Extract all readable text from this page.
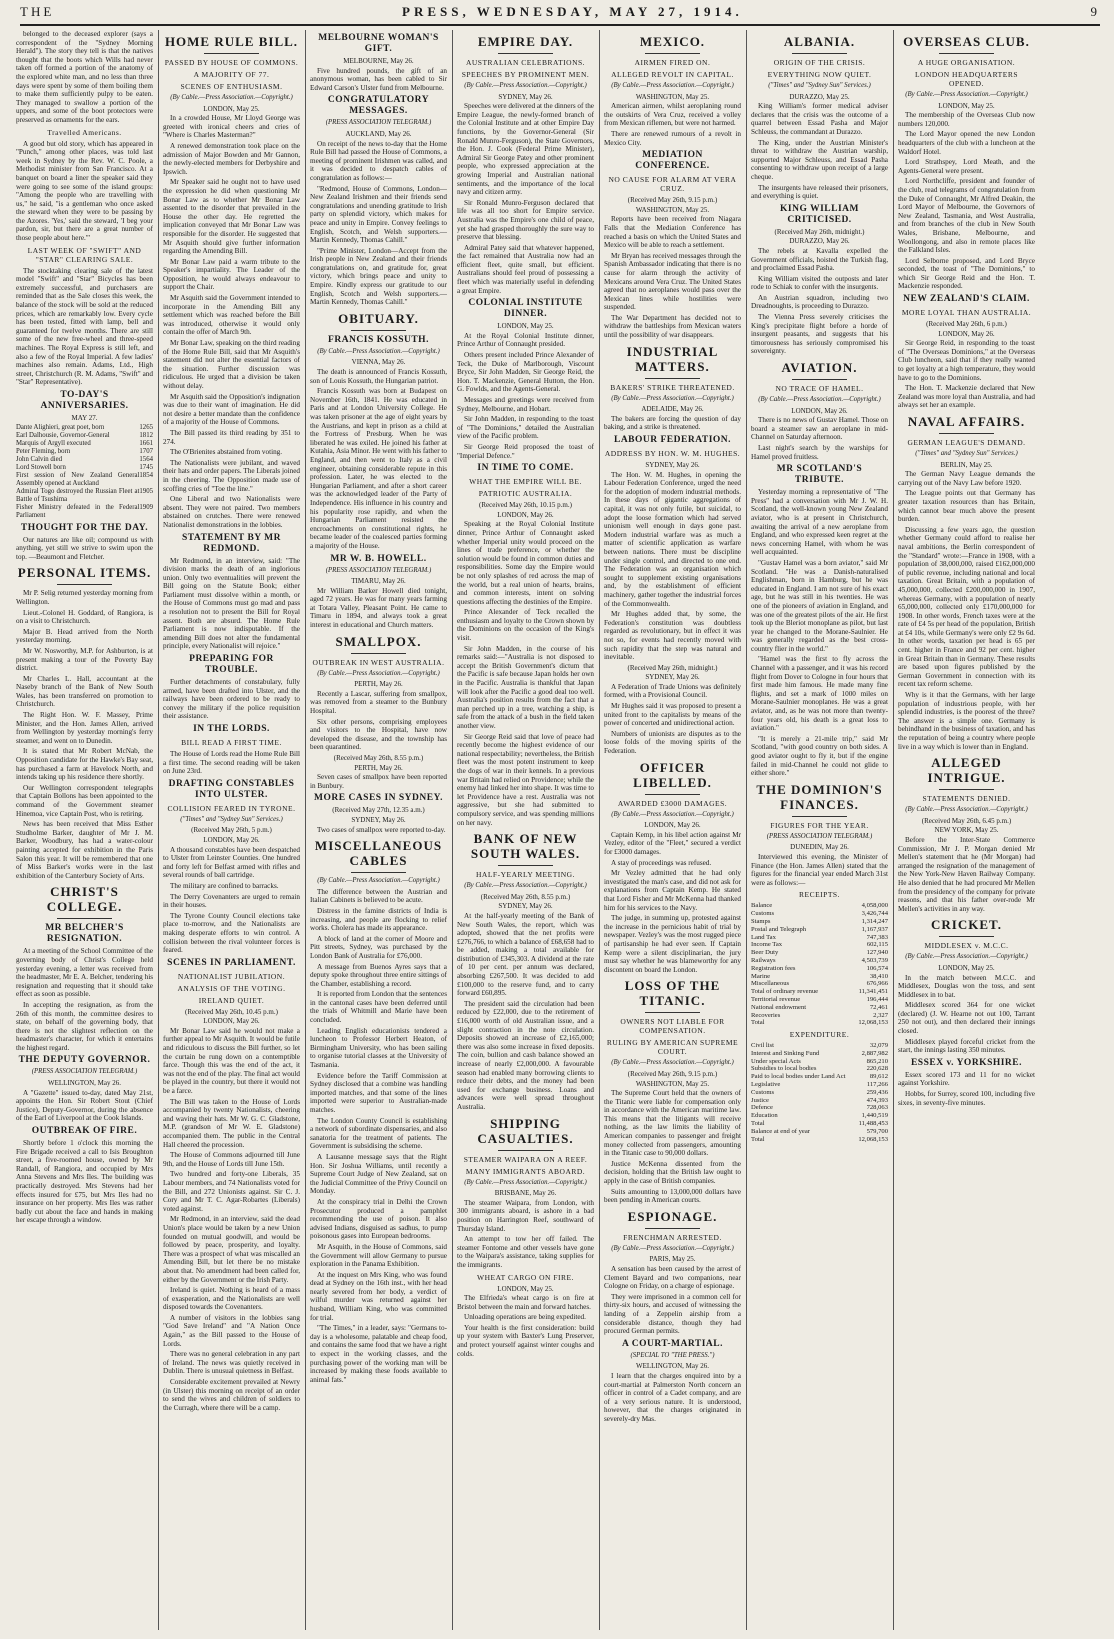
THE	PRESS, WEDNESDAY, MAY 27, 1914.	9
belonged to the deceased explorer (says a correspondent of the "Sydney Morning Herald"). The story they tell is that the natives thought that the boots which Wills had never taken off formed a portion of the anatomy of the explored white man, and no less than three days were spent by some of them boiling them to make them sufficiently pulpy to be eaten. They managed to swallow a portion of the uppers, and some of the boot protectors were preserved as ornaments for the ears.
Travelled Americans.
A good but old story, which has appeared in "Punch," among other places, was told last week in Sydney by the Rev. W. C. Poole, a Methodist minister from San Francisco. At a banquet on board a liner the speaker said they were going to see some of the island groups: "Among the people who are travelling with us," he said, "is a gentleman who once asked the steward when they were to be passing by the Azores. 'Yes,' said the steward, 'I beg your pardon, sir, but there are a great number of those people about here.'"
LAST WEEK OF "SWIFT" AND "STAR" CLEARING SALE.
The stocktaking clearing sale of the latest model "Swift" and "Star" Bicycles has been extremely successful, and purchasers are reminded that as the Sale closes this week, the balance of the stock will be sold at the reduced prices, which are remarkably low. Every cycle has been tested, fitted with lamp, bell and guaranteed for twelve months. There are still some of the new free-wheel and three-speed machines. The Royal Express is still left, and also a few of the Royal Imperial. A few ladies' machines also remain. Adams, Ltd., High street, Christchurch (R. M. Adams, "Swift" and "Star" Representative).
TO-DAY'S ANNIVERSARIES.
MAY 27.
Dante Alighieri, great poet, born	1265
Earl Dalhousie, Governor-General	1812
Marquis of Argyll executed	1661
Peter Fleming, born	1707
John Calvin died	1564
Lord Stowell born	1745
First session of New Zealand General Assembly opened at Auckland
1854
Admiral Togo destroyed the Russian Fleet at Battle of Tsushima
1905
Fisher Ministry defeated in the Federal Parliament
1909
THOUGHT FOR THE DAY.
Our natures are like oil; compound us with anything, yet still we strive to swim upon the top. —Beaumont and Fletcher.
PERSONAL ITEMS.
Mr P. Selig returned yesterday morning from Wellington.
Lieut.-Colonel H. Goddard, of Rangiora, is on a visit to Christchurch.
Major B. Head arrived from the North yesterday morning.
Mr W. Nosworthy, M.P. for Ashburton, is at present making a tour of the Poverty Bay district.
Mr Charles L. Hall, accountant at the Naseby branch of the Bank of New South Wales, has been transferred on promotion to Christchurch.
The Right Hon. W. F. Massey, Prime Minister, and the Hon. James Allen, arrived from Wellington by yesterday morning's ferry steamer, and went on to Dunedin.
It is stated that Mr Robert McNab, the Opposition candidate for the Hawke's Bay seat, has purchased a farm at Havelock North, and intends taking up his residence there shortly.
Our Wellington correspondent telegraphs that Captain Bollons has been appointed to the command of the Government steamer Hinemoa, vice Captain Post, who is retiring.
News has been received that Miss Esther Studholme Barker, daughter of Mr J. M. Barker, Woodbury, has had a water-colour painting accepted for exhibition in the Paris Salon this year. It will be remembered that one of Miss Barker's works were in the last exhibition of the Canterbury Society of Arts.
CHRIST'S COLLEGE.
MR BELCHER'S RESIGNATION.
At a meeting of the School Committee of the governing body of Christ's College held yesterday evening, a letter was received from the headmaster, Mr E. A. Belcher, tendering his resignation and requesting that it should take effect as soon as possible.
In accepting the resignation, as from the 26th of this month, the committee desires to state, on behalf of the governing body, that there is not the slightest reflection on the headmaster's character, for which it entertains the highest regard.
THE DEPUTY GOVERNOR.
(PRESS ASSOCIATION TELEGRAM.)
WELLINGTON, May 26.
A "Gazette" issued to-day, dated May 21st, appoints the Hon. Sir Robert Stout (Chief Justice), Deputy-Governor, during the absence of the Earl of Liverpool at the Cook Islands.
OUTBREAK OF FIRE.
Shortly before 1 o'clock this morning the Fire Brigade received a call to Isis Broughton street, a five-roomed house, owned by Mr Randall, of Rangiora, and occupied by Mrs Anna Stevens and Mrs Iles. The building was practically destroyed. Mrs Stevens had her effects insured for £75, but Mrs Iles had no insurance on her property. Mrs Iles was rather badly cut about the face and hands in making her escape through a window.
HOME RULE BILL.
PASSED BY HOUSE OF COMMONS.
A MAJORITY OF 77.
SCENES OF ENTHUSIASM.
(By Cable.—Press Association.—Copyright.)
LONDON, May 25.
In a crowded House, Mr Lloyd George was greeted with ironical cheers and cries of "Where is Charles Masterman?"
A renewed demonstration took place on the admission of Major Bowden and Mr Gannon, the newly-elected members for Derbyshire and Ipswich.
Mr Speaker said he ought not to have used the expression he did when questioning Mr Bonar Law as to whether Mr Bonar Law assented to the disorder that prevailed in the House the other day. He regretted the implication conveyed that Mr Bonar Law was responsible for the disorder. He suggested that Mr Asquith should give further information regarding the Amending Bill.
Mr Bonar Law paid a warm tribute to the Speaker's impartiality. The Leader of the Opposition, he would always endeavour to support the Chair.
Mr Asquith said the Government intended to incorporate in the Amending Bill any settlement which was reached before the Bill was introduced, otherwise it would only contain the offer of March 9th.
Mr Bonar Law, speaking on the third reading of the Home Rule Bill, said that Mr Asquith's statement did not alter the essential factors of the situation. Further discussion was ridiculous. He urged that a division be taken without delay.
Mr Asquith said the Opposition's indignation was due to their want of imagination. He did not desire a better mandate than the confidence of a majority of the House of Commons.
The Bill passed its third reading by 351 to 274.
The O'Brienites abstained from voting.
The Nationalists were jubilant, and waved their hats and order papers. The Liberals joined in the cheering. The Opposition made use of scoffing cries of "Toe the line."
One Liberal and two Nationalists were absent. They were not paired. Two members abstained on crutches. There were renewed Nationalist demonstrations in the lobbies.
STATEMENT BY MR REDMOND.
Mr Redmond, in an interview, said: "The division marks the death of an inglorious union. Only two eventualities will prevent the Bill going on the Statute Book; either Parliament must dissolve within a month, or the House of Commons must go mad and pass a resolution not to present the Bill for Royal assent. Both are absurd. The Home Rule Parliament is now indisputable. If the amending Bill does not alter the fundamental principle, every Nationalist will rejoice."
PREPARING FOR TROUBLE.
Further detachments of constabulary, fully armed, have been drafted into Ulster, and the railways have been ordered to be ready to convey the military if the police requisition their assistance.
IN THE LORDS.
BILL READ A FIRST TIME.
The House of Lords read the Home Rule Bill a first time. The second reading will be taken on June 23rd.
DRAFTING CONSTABLES INTO ULSTER.
COLLISION FEARED IN TYRONE.
("Times" and "Sydney Sun" Services.)
(Received May 26th, 5 p.m.)
LONDON, May 26.
A thousand constables have been despatched to Ulster from Leinster Counties. One hundred and forty left for Belfast armed with rifles and several rounds of ball cartridge.
The military are confined to barracks.
The Derry Covenanters are urged to remain in their houses.
The Tyrone County Council elections take place to-morrow, and the Nationalists are making desperate efforts to win control. A collision between the rival volunteer forces is feared.
SCENES IN PARLIAMENT.
NATIONALIST JUBILATION.
ANALYSIS OF THE VOTING.
IRELAND QUIET.
(Received May 26th, 10.45 p.m.)
LONDON, May 26.
Mr Bonar Law said he would not make a further appeal to Mr Asquith. It would be futile and ridiculous to discuss the Bill further, so let the curtain be rung down on a contemptible farce. Though this was the end of the act, it was not the end of the play. The final act would be played in the country, but there it would not be a farce.
The Bill was taken to the House of Lords accompanied by twenty Nationalists, cheering and waving their hats. Mr W. G. C. Gladstone, M.P. (grandson of Mr W. E. Gladstone) accompanied them. The public in the Central Hall cheered the procession.
The House of Commons adjourned till June 9th, and the House of Lords till June 15th.
Two hundred and forty-one Liberals, 35 Labour members, and 74 Nationalists voted for the Bill, and 272 Unionists against. Sir C. J. Cory and Mr T. C. Agar-Robartes (Liberals) voted against.
Mr Redmond, in an interview, said the dead Union's place would be taken by a new Union founded on mutual goodwill, and would be followed by peace, prosperity, and loyalty. There was a prospect of what was miscalled an Amending Bill, but let there be no mistake about that. No amendment had been called for, either by the Government or the Irish Party.
Ireland is quiet. Nothing is heard of a mass of exasperation, and the Nationalists are well disposed towards the Covenanters.
A number of visitors in the lobbies sang "God Save Ireland" and "A Nation Once Again," as the Bill passed to the House of Lords.
There was no general celebration in any part of Ireland. The news was quietly received in Dublin. There is unusual quietness in Belfast.
Considerable excitement prevailed at Newry (in Ulster) this morning on receipt of an order to send the wives and children of soldiers to the Curragh, where there will be a camp.
MELBOURNE WOMAN'S GIFT.
MELBOURNE, May 26.
Five hundred pounds, the gift of an anonymous woman, has been cabled to Sir Edward Carson's Ulster fund from Melbourne.
CONGRATULATORY MESSAGES.
(PRESS ASSOCIATION TELEGRAM.)
AUCKLAND, May 26.
On receipt of the news to-day that the Home Rule Bill had passed the House of Commons, a meeting of prominent Irishmen was called, and it was decided to despatch cables of congratulation as follows:—
"Redmond, House of Commons, London—New Zealand Irishmen and their friends send congratulations and unending gratitude to Irish party on splendid victory, which makes for peace and unity in Empire. Convey feelings to English, Scotch, and Welsh supporters.—Martin Kennedy, Thomas Cahill."
"Prime Minister, London—Accept from the Irish people in New Zealand and their friends congratulations on, and gratitude for, great victory, which brings peace and unity to Empire. Kindly express our gratitude to our English, Scotch and Welsh supporters.—Martin Kennedy, Thomas Cahill."
OBITUARY.
FRANCIS KOSSUTH.
(By Cable.—Press Association.—Copyright.)
VIENNA, May 26.
The death is announced of Francis Kossuth, son of Louis Kossuth, the Hungarian patriot.
Francis Kossuth was born at Budapest on November 16th, 1841. He was educated in Paris and at London University College. He was taken prisoner at the age of eight years by the Austrians, and kept in prison as a child at the Fortress of Presburg. When he was liberated he was exiled. He joined his father at Kutahia, Asia Minor. He went with his father to England, and then went to Italy as a civil engineer, obtaining considerable repute in this profession. Later, he was elected to the Hungarian Parliament, and after a short career was the acknowledged leader of the Party of Independence. His influence in his country and his popularity rose rapidly, and when the Hungarian Parliament resisted the encroachments on constitutional rights, he became leader of the coalesced parties forming a majority of the House.
MR W. B. HOWELL.
(PRESS ASSOCIATION TELEGRAM.)
TIMARU, May 26.
Mr William Barker Howell died tonight, aged 72 years. He was for many years farming at Totara Valley, Pleasant Point. He came to Timaru in 1894, and always took a great interest in educational and Church matters.
SMALLPOX.
OUTBREAK IN WEST AUSTRALIA.
(By Cable.—Press Association.—Copyright.)
PERTH, May 26.
Recently a Lascar, suffering from smallpox, was removed from a steamer to the Bunbury Hospital.
Six other persons, comprising employees and visitors to the Hospital, have now developed the disease, and the township has been quarantined.
(Received May 26th, 8.55 p.m.)
PERTH, May 26.
Seven cases of smallpox have been reported in Bunbury.
MORE CASES IN SYDNEY.
(Received May 27th, 12.35 a.m.)
SYDNEY, May 26.
Two cases of smallpox were reported to-day.
MISCELLANEOUS CABLES
(By Cable.—Press Association.—Copyright.)
The difference between the Austrian and Italian Cabinets is believed to be acute.
Distress in the famine districts of India is increasing, and people are flocking to relief works. Cholera has made its appearance.
A block of land at the corner of Moore and Pitt streets, Sydney, was purchased by the London Bank of Australia for £76,000.
A message from Buenos Ayres says that a deputy spoke throughout three entire sittings of the Chamber, establishing a record.
It is reported from London that the sentences in the cantonal cases have been deferred until the trials of Whitmill and Marie have been concluded.
Leading English educationists tendered a luncheon to Professor Herbert Heaton, of Birmingham University, who has been sailing to organise tutorial classes at the University of Tasmania.
Evidence before the Tariff Commission at Sydney disclosed that a combine was handling imported matches, and that some of the lines imported were superior to Australian-made matches.
The London County Council is establishing a network of subordinate dispensaries, and also sanatoria for the treatment of patients. The Government is subsidising the scheme.
A Lausanne message says that the Right Hon. Sir Joshua Williams, until recently a Supreme Court Judge of New Zealand, sat on the Judicial Committee of the Privy Council on Monday.
At the conspiracy trial in Delhi the Crown Prosecutor produced a pamphlet recommending the use of poison. It also advised Indians, disguised as sadhus, to pump poisonous gases into European bedrooms.
Mr Asquith, in the House of Commons, said the Government will allow Germany to pursue exploration in the Panama Exhibition.
At the inquest on Mrs King, who was found dead at Sydney on the 16th inst., with her head nearly severed from her body, a verdict of wilful murder was returned against her husband, William King, who was committed for trial.
"The Times," in a leader, says: "Germans to-day is a wholesome, palatable and cheap food, and contains the same food that we have a right to expect in the working classes, and the purchasing power of the working man will be increased by making these foods available to animal fats."
EMPIRE DAY.
AUSTRALIAN CELEBRATIONS.
SPEECHES BY PROMINENT MEN.
(By Cable.—Press Association.—Copyright.)
SYDNEY, May 26.
Speeches were delivered at the dinners of the Empire League, the newly-formed branch of the Colonial Institute and at other Empire Day functions, by the Governor-General (Sir Ronald Munro-Ferguson), the State Governors, the Hon. J. Cook (Federal Prime Minister), Admiral Sir George Patey and other prominent people, who expressed appreciation at the growing Imperial and Australian national sentiments, and the importance of the local navy and citizen army.
Sir Ronald Munro-Ferguson declared that life was all too short for Empire service. Australia was the Empire's one child of peace, yet she had grasped thoroughly the sure way to preserve that blessing.
Admiral Patey said that whatever happened, the fact remained that Australia now had an efficient fleet, quite small, but efficient. Australians should feel proud of possessing a fleet which was materially useful in defending a great Empire.
COLONIAL INSTITUTE DINNER.
LONDON, May 25.
At the Royal Colonial Institute dinner, Prince Arthur of Connaught presided.
Others present included Prince Alexander of Teck, the Duke of Marlborough, Viscount Bryce, Sir John Madden, Sir George Reid, the Hon. T. Mackenzie, General Hutton, the Hon. G. Fowlds, and the Agents-General.
Messages and greetings were received from Sydney, Melbourne, and Hobart.
Sir John Madden, in responding to the toast of "The Dominions," detailed the Australian view of the Pacific problem.
Sir George Reid proposed the toast of "Imperial Defence."
IN TIME TO COME.
WHAT THE EMPIRE WILL BE.
PATRIOTIC AUSTRALIA.
(Received May 26th, 10.15 p.m.)
LONDON, May 26.
Speaking at the Royal Colonial Institute dinner, Prince Arthur of Connaught asked whether Imperial unity would proceed on the lines of trade preference, or whether the solution would be found in common duties and responsibilities. Some day the Empire would be not only splashes of red across the map of the world, but a real union of hearts, brains, and common interests, intent on solving questions affecting the destinies of the Empire.
Prince Alexander of Teck recalled the enthusiasm and loyalty to the Crown shown by the Dominions on the occasion of the King's visit.
Sir John Madden, in the course of his remarks said:—"Australia is not disposed to accept the British Government's dictum that the Pacific is safe because Japan holds her own in the Pacific. Australia is thankful that Japan will look after the Pacific a good deal too well. Australia's position results from the fact that a man perched up in a tree, watching a ship, is safe from the attack of a bush in the field taken another view.
Sir George Reid said that love of peace had recently become the highest evidence of our national respectability; nevertheless, the British fleet was the most potent instrument to keep the dogs of war in their kennels. In a previous war Britain had relied on Providence; while the enemy had linked her into shape. It was time to let Providence have a rest. Australia was not aggressive, but she had submitted to compulsory service, and was spending millions on her navy.
BANK OF NEW SOUTH WALES.
HALF-YEARLY MEETING.
(By Cable.—Press Association.—Copyright.)
(Received May 26th, 8.55 p.m.)
SYDNEY, May 26.
At the half-yearly meeting of the Bank of New South Wales, the report, which was adopted, showed that the net profits were £276,766, to which a balance of £68,658 had to be added, making a total available for distribution of £345,303. A dividend at the rate of 10 per cent. per annum was declared, absorbing £267,500. It was decided to add £100,000 to the reserve fund, and to carry forward £60,895.
The president said the circulation had been reduced by £22,000, due to the retirement of £16,000 worth of old Australian issue, and a slight contraction in the note circulation. Deposits showed an increase of £2,165,000; there was also some increase in fixed deposits. The coin, bullion and cash balance showed an increase of nearly £2,000,000. A favourable season had enabled many borrowing clients to reduce their debts, and the money had been used for exchange business. Loans and advances were well spread throughout Australia.
SHIPPING CASUALTIES.
STEAMER WAIPARA ON A REEF.
MANY IMMIGRANTS ABOARD.
(By Cable.—Press Association.—Copyright.)
BRISBANE, May 26.
The steamer Waipara, from London, with 300 immigrants aboard, is ashore in a bad position on Harrington Reef, southward of Thursday Island.
An attempt to tow her off failed. The steamer Fontome and other vessels have gone to the Waipara's assistance, taking supplies for the immigrants.
WHEAT CARGO ON FIRE.
LONDON, May 25.
The Elfrieda's wheat cargo is on fire at Bristol between the main and forward hatches.
Unloading operations are being expedited.
Your health is the first consideration: build up your system with Baxter's Lung Preserver, and protect yourself against winter coughs and colds.
MEXICO.
AIRMEN FIRED ON.
ALLEGED REVOLT IN CAPITAL.
(By Cable.—Press Association.—Copyright.)
WASHINGTON, May 25.
American airmen, whilst aeroplaning round the outskirts of Vera Cruz, received a volley from Mexican riflemen, but were not harmed.
There are renewed rumours of a revolt in Mexico City.
MEDIATION CONFERENCE.
NO CAUSE FOR ALARM AT VERA CRUZ.
(Received May 26th, 9.15 p.m.)
WASHINGTON, May 25.
Reports have been received from Niagara Falls that the Mediation Conference has reached a basis on which the United States and Mexico will be able to reach a settlement.
Mr Bryan has received messages through the Spanish Ambassador indicating that there is no cause for alarm through the activity of Mexicans around Vera Cruz. The United States agreed that no aeroplanes would pass over the Mexican lines while hostilities were suspended.
The War Department has decided not to withdraw the battleships from Mexican waters until the possibility of war disappears.
INDUSTRIAL MATTERS.
BAKERS' STRIKE THREATENED.
(By Cable.—Press Association.—Copyright.)
ADELAIDE, May 26.
The bakers are forcing the question of day baking, and a strike is threatened.
LABOUR FEDERATION.
ADDRESS BY HON. W. M. HUGHES.
SYDNEY, May 26.
The Hon. W. M. Hughes, in opening the Labour Federation Conference, urged the need for the adoption of modern industrial methods. In these days of gigantic aggregations of capital, it was not only futile, but suicidal, to adopt the loose formation which had served unionism well enough in days gone past. Modern industrial warfare was as much a matter of scientific application as warfare between nations. There must be discipline under single control, and directed to one end. The Federation was an organisation which sought to supplement existing organisations and, by the establishment of efficient machinery, gather together the industrial forces of the Commonwealth.
Mr Hughes added that, by some, the Federation's constitution was doubtless regarded as revolutionary, but in effect it was not so, for events had recently moved with such rapidity that the step was natural and inevitable.
(Received May 26th, midnight.)
SYDNEY, May 26.
A Federation of Trade Unions was definitely formed, with a Provisional Council.
Mr Hughes said it was proposed to present a united front to the capitalists by means of the power of concerted and unidirectional action.
Numbers of unionists are disputes as to the loose folds of the moving spirits of the Federation.
OFFICER LIBELLED.
AWARDED £3000 DAMAGES.
(By Cable.—Press Association.—Copyright.)
LONDON, May 26.
Captain Kemp, in his libel action against Mr Vezley, editor of the "Fleet," secured a verdict for £3000 damages.
A stay of proceedings was refused.
Mr Vezley admitted that he had only investigated the man's case, and did not ask for explanations from Captain Kemp. He stated that Lord Fisher and Mr McKenna had thanked him for his services to the Navy.
The judge, in summing up, protested against the increase in the pernicious habit of trial by newspaper. Vezley's was the most rugged piece of partisanship he had ever seen. If Captain Kemp were a silent disciplinarian, the jury must say whether he was blameworthy for any discontent on board the London.
LOSS OF THE TITANIC.
OWNERS NOT LIABLE FOR COMPENSATION.
RULING BY AMERICAN SUPREME COURT.
(By Cable.—Press Association.—Copyright.)
(Received May 26th, 9.15 p.m.)
WASHINGTON, May 25.
The Supreme Court held that the owners of the Titanic were liable for compensation only in accordance with the American maritime law. This means that the litigants will receive nothing, as the law limits the liability of American companies to passenger and freight money collected from passengers, amounting in the Titanic case to 90,000 dollars.
Justice McKenna dissented from the decision, holding that the British law ought to apply in the case of British companies.
Suits amounting to 13,000,000 dollars have been pending in American courts.
ESPIONAGE.
FRENCHMAN ARRESTED.
(By Cable.—Press Association.—Copyright.)
PARIS, May 25.
A sensation has been caused by the arrest of Clement Bayard and two companions, near Cologne on Friday, on a charge of espionage.
They were imprisoned in a common cell for thirty-six hours, and accused of witnessing the landing of a Zeppelin airship from a considerable distance, though they had procured German permits.
A COURT-MARTIAL.
(SPECIAL TO "THE PRESS.")
WELLINGTON, May 26.
I learn that the charges enquired into by a court-martial at Palmerston North concern an officer in control of a Cadet company, and are of a very serious nature. It is understood, however, that the charges originated in severely-dry Mas.
ALBANIA.
ORIGIN OF THE CRISIS.
EVERYTHING NOW QUIET.
("Times" and "Sydney Sun" Services.)
DURAZZO, May 25.
King William's former medical adviser declares that the crisis was the outcome of a quarrel between Essad Pasha and Major Schleuss, the commandant at Durazzo.
The King, under the Austrian Minister's threat to withdraw the Austrian warship, supported Major Schleuss, and Essad Pasha consenting to withdraw upon receipt of a large cheque.
The insurgents have released their prisoners, and everything is quiet.
KING WILLIAM CRITICISED.
(Received May 26th, midnight.)
DURAZZO, May 26.
The rebels at Kavalla expelled the Government officials, hoisted the Turkish flag, and proclaimed Essad Pasha.
King William visited the outposts and later rode to Schiak to confer with the insurgents.
An Austrian squadron, including two Dreadnoughts, is proceeding to Durazzo.
The Vienna Press severely criticises the King's precipitate flight before a horde of insurgent peasants, and suggests that his timorousness has seriously compromised his sovereignty.
AVIATION.
NO TRACE OF HAMEL.
(By Cable.—Press Association.—Copyright.)
LONDON, May 26.
There is no news of Gustav Hamel. Those on board a steamer saw an aeroplane in mid-Channel on Saturday afternoon.
Last night's search by the warships for Hamel proved fruitless.
MR SCOTLAND'S TRIBUTE.
Yesterday morning a representative of "The Press" had a conversation with Mr J. W. H. Scotland, the well-known young New Zealand aviator, who is at present in Christchurch, awaiting the arrival of a new aeroplane from England, and who expressed keen regret at the news concerning Hamel, with whom he was well acquainted.
"Gustav Hamel was a born aviator," said Mr Scotland. "He was a Danish-naturalised Englishman, born in Hamburg, but he was educated in England. I am not sure of his exact age, but he was still in his twenties. He was one of the pioneers of aviation in England, and was one of the greatest pilots of the air. He first took up the Bleriot monoplane as pilot, but last year he changed to the Morane-Saulnier. He was generally regarded as the best cross-country flier in the world."
"Hamel was the first to fly across the Channel with a passenger, and it was his record flight from Dover to Cologne in four hours that first made him famous. He made many fine flights, and set a mark of 1000 miles on Morane-Saulnier monoplanes. He was a great aviator, and, as he was not more than twenty-four years old, his death is a great loss to aviation."
"It is merely a 21-mile trip," said Mr Scotland, "with good country on both sides. A good aviator ought to fly it, but if the engine failed in mid-Channel he could not glide to either shore."
THE DOMINION'S FINANCES.
FIGURES FOR THE YEAR.
(PRESS ASSOCIATION TELEGRAM.)
DUNEDIN, May 26.
Interviewed this evening, the Minister of Finance (the Hon. James Allen) stated that the figures for the financial year ended March 31st were as follows:—
RECEIPTS.
Balance	4,058,000
Customs	3,426,744
Stamps	1,314,247
Postal and Telegraph	1,167,937
Land Tax	747,383
Income Tax	602,115
Beer Duty	127,940
Railways	4,503,739
Registration fees	106,574
Marine	38,410
Miscellaneous	676,966
Total of ordinary revenue	11,341,451
Territorial revenue	196,444
National endowment	72,461
Recoveries	2,327
Total	12,068,153
EXPENDITURE.
Civil list	32,079
Interest and Sinking Fund	2,887,982
Under special Acts	865,210
Subsidies to local bodies	220,628
Paid to local bodies under Land Act	89,612
Legislative	117,266
Customs	259,436
Justice	474,393
Defence	728,063
Education	1,440,519
Total	11,488,453
Balance at end of year	579,700
Total	12,068,153
OVERSEAS CLUB.
A HUGE ORGANISATION.
LONDON HEADQUARTERS OPENED.
(By Cable.—Press Association.—Copyright.)
LONDON, May 25.
The membership of the Overseas Club now numbers 120,000.
The Lord Mayor opened the new London headquarters of the club with a luncheon at the Waldorf Hotel.
Lord Strathspey, Lord Meath, and the Agents-General were present.
Lord Northcliffe, president and founder of the club, read telegrams of congratulation from the Duke of Connaught, Mr Alfred Deakin, the Lord Mayor of Melbourne, the Governors of New Zealand, Tasmania, and West Australia, and from branches of the club in New South Wales, Brisbane, Melbourne, and Woollongong, and also in remote places like the Falkland Isles.
Lord Selborne proposed, and Lord Bryce seconded, the toast of "The Dominions," to which Sir George Reid and the Hon. T. Mackenzie responded.
NEW ZEALAND'S CLAIM.
MORE LOYAL THAN AUSTRALIA.
(Received May 26th, 6 p.m.)
LONDON, May 26.
Sir George Reid, in responding to the toast of "The Overseas Dominions," at the Overseas Club luncheon, said that if they really wanted to get loyalty at a high temperature, they would have to go to the Dominions.
The Hon. T. Mackenzie declared that New Zealand was more loyal than Australia, and had always set her an example.
NAVAL AFFAIRS.
GERMAN LEAGUE'S DEMAND.
("Times" and "Sydney Sun" Services.)
BERLIN, May 25.
The German Navy League demands the carrying out of the Navy Law before 1920.
The League points out that Germany has greater taxation resources than has Britain, which cannot bear much above the present burden.
Discussing a few years ago, the question whether Germany could afford to realise her naval ambitions, the Berlin correspondent of the "Standard" wrote:—France in 1908, with a population of 38,000,000, raised £162,000,000 of public revenue, including national and local taxation. Great Britain, with a population of 45,000,000, collected £200,000,000 in 1907, whereas Germany, with a population of nearly 65,000,000, collected only £170,000,000 for 1908. In other words, French taxes were at the rate of £4 5s per head of the population, British at £4 10s, while Germany's were only £2 9s 6d. In other words, taxation per head is 65 per cent. higher in France and 92 per cent. higher in Great Britain than in Germany. These results are based upon figures published by the German Government in connection with its recent tax reform scheme.
Why is it that the Germans, with her large population of industrious people, with her splendid industries, is the poorest of the three? The answer is a simple one. Germany is behindhand in the business of taxation, and has the reputation of being a country where people live in a way which is lower than in England.
ALLEGED INTRIGUE.
STATEMENTS DENIED.
(By Cable.—Press Association.—Copyright.)
(Received May 26th, 6.45 p.m.)
NEW YORK, May 25.
Before the Inter-State Commerce Commission, Mr J. P. Morgan denied Mr Mellen's statement that he (Mr Morgan) had arranged the resignation of the management of the New York-New Haven Railway Company. He also denied that he had procured Mr Mellen from the presidency of the company for private reasons, and that his father over-rode Mr Mellen's activities in any way.
CRICKET.
MIDDLESEX v. M.C.C.
(By Cable.—Press Association.—Copyright.)
LONDON, May 25.
In the match between M.C.C. and Middlesex, Douglas won the toss, and sent Middlesex in to bat.
Middlesex scored 364 for one wicket (declared) (J. W. Hearne not out 100, Tarrant 250 not out), and then declared their innings closed.
Middlesex played forceful cricket from the start, the innings lasting 350 minutes.
ESSEX v. YORKSHIRE.
Essex scored 173 and 11 for no wicket against Yorkshire.
Hobbs, for Surrey, scored 100, including five sixes, in seventy-five minutes.
